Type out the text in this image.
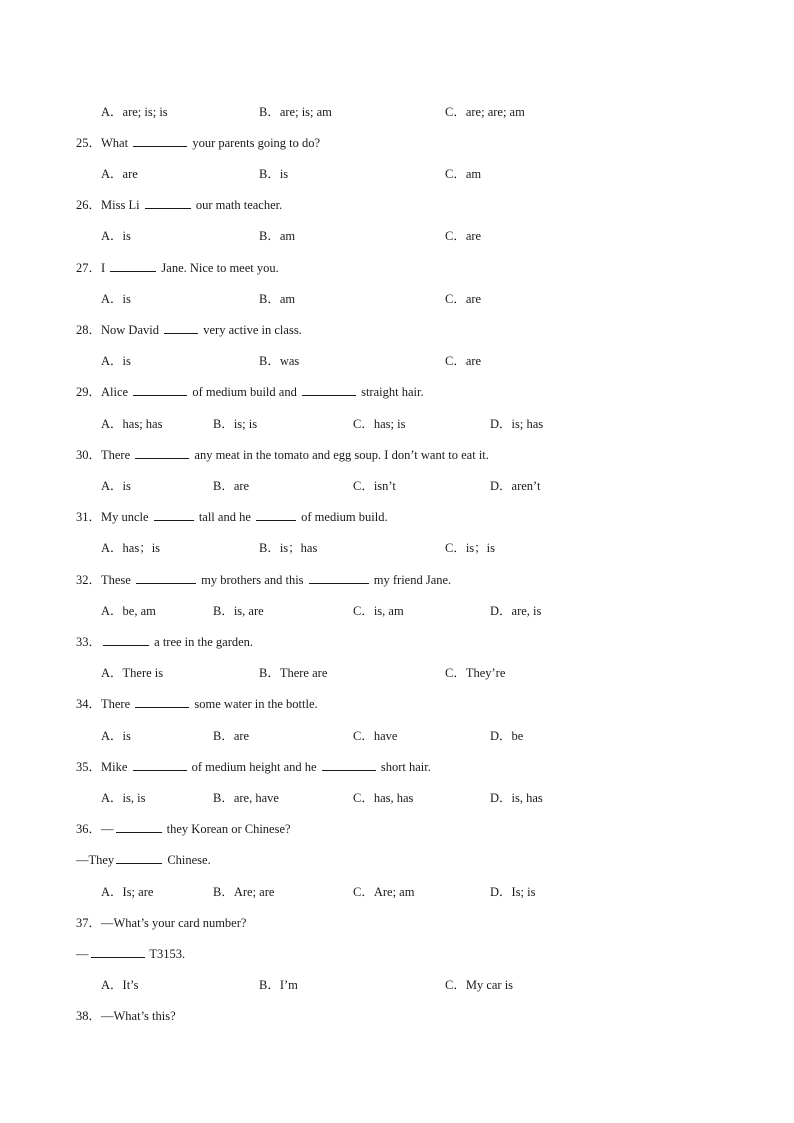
A．are; is; is	B．are; is; am	C．are; are; am
25．What	your parents going to do?
A．are	B．is	C．am
26．Miss Li	our math teacher.
A．is	B．am	C．are
27．I	Jane. Nice to meet you.
A．is	B．am	C．are
28．Now David	very active in class.
A．is	B．was	C．are
29．Alice	of medium build and	straight hair.
A．has; has	B．is; is	C．has; is	D．is; has
30．There	any meat in the tomato and egg soup. I don’t want to eat it.
A．is	B．are	C．isn’t	D．aren’t
31．My uncle	tall and he	of medium build.
A．has；is	B．is；has	C．is；is
32．These	my brothers and this	my friend Jane.
A．be, am	B．is, are	C．is, am	D．are, is
33．	a tree in the garden.
A．There is	B．There are	C．They’re
34．There	some water in the bottle.
A．is	B．are	C．have	D．be
35．Mike	of medium height and he	short hair.
A．is, is	B．are, have	C．has, has	D．is, has
36．—	they Korean or Chinese?
—They	Chinese.
A．Is; are	B．Are; are	C．Are; am	D．Is; is
37．—What’s your card number?
—	T3153.
A．It’s	B．I’m	C．My car is
38．—What’s this?
